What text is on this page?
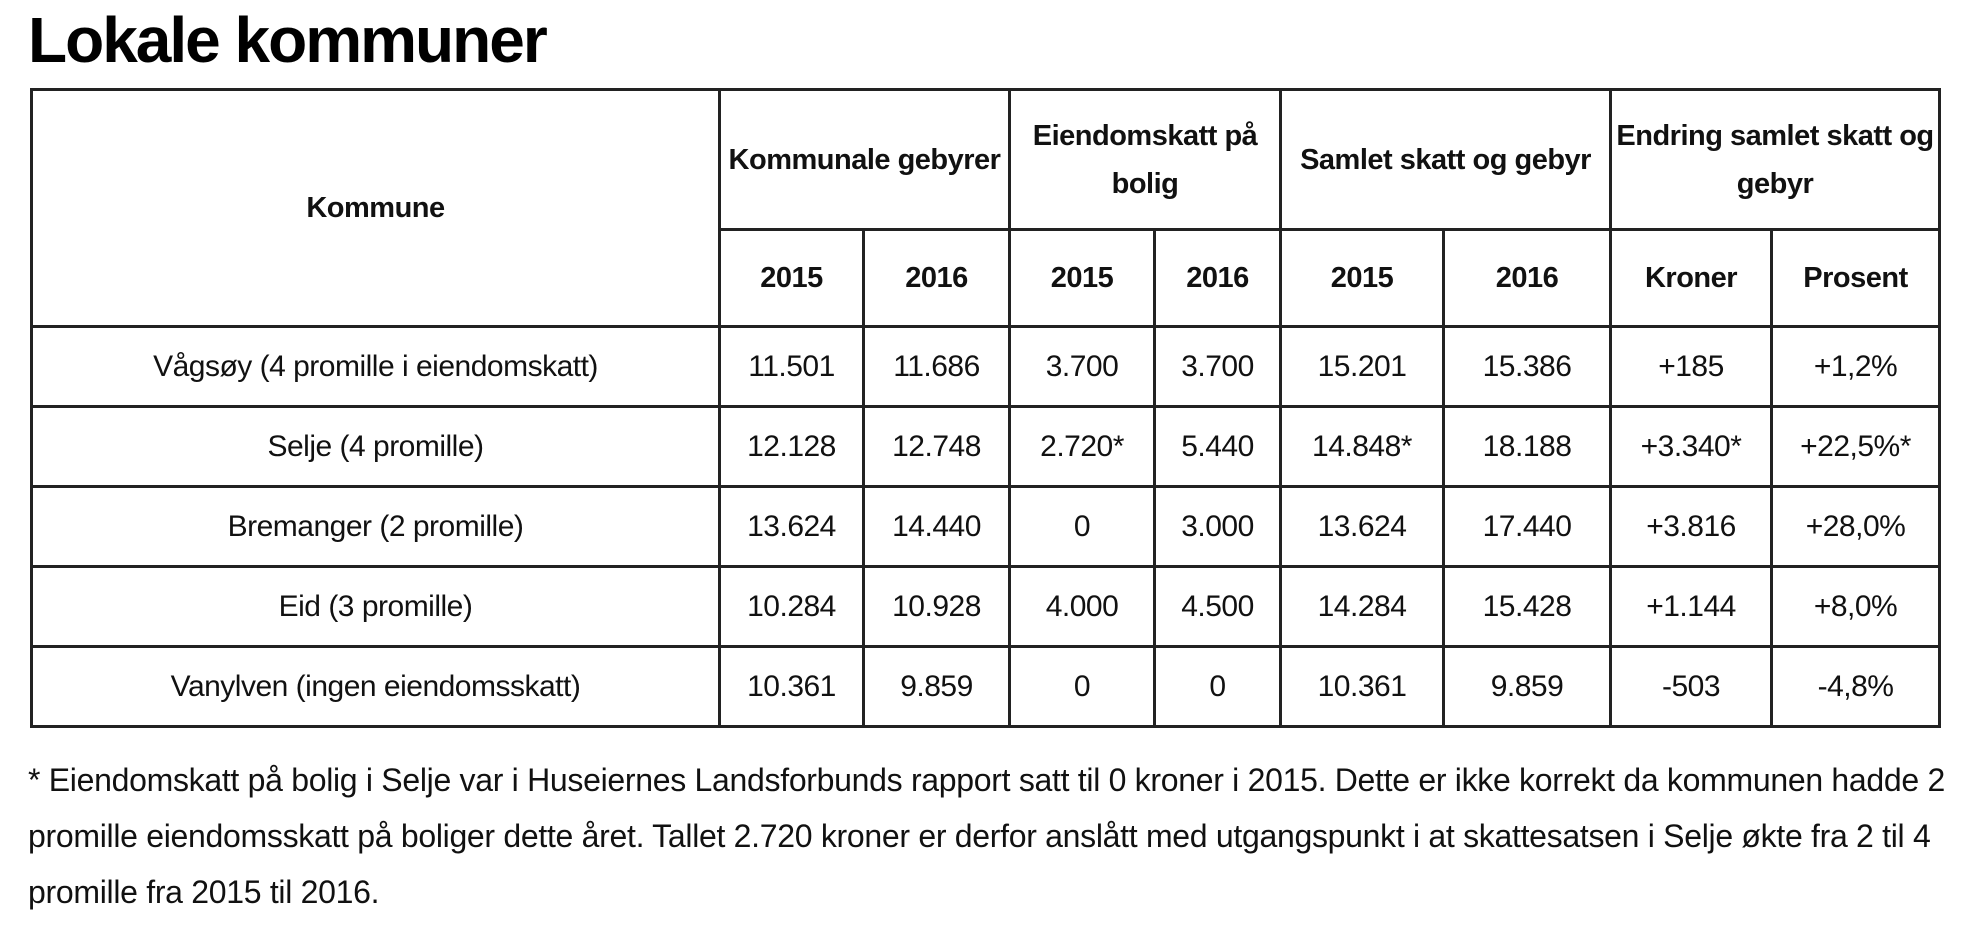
Lokale kommuner
Kommune	Kommunale gebyrer		Eiendomskatt på bolig		Samlet skatt og gebyr		Endring samlet skatt og gebyr	
	2015	2016	2015	2016	2015	2016	Kroner	Prosent
Vågsøy (4 promille i eiendomskatt)	11.501	11.686	3.700	3.700	15.201	15.386	+185	+1,2%
Selje (4 promille)	12.128	12.748	2.720*	5.440	14.848*	18.188	+3.340*	+22,5%*
Bremanger (2 promille)	13.624	14.440	0	3.000	13.624	17.440	+3.816	+28,0%
Eid (3 promille)	10.284	10.928	4.000	4.500	14.284	15.428	+1.144	+8,0%
Vanylven (ingen eiendomsskatt)	10.361	9.859	0	0	10.361	9.859	-503	-4,8%

* Eiendomskatt på bolig i Selje var i Huseiernes Landsforbunds rapport satt til 0 kroner i 2015. Dette er ikke korrekt da kommunen hadde 2 promille eiendomsskatt på boliger dette året. Tallet 2.720 kroner er derfor anslått med utgangspunkt i at skattesatsen i Selje økte fra 2 til 4 promille fra 2015 til 2016.
